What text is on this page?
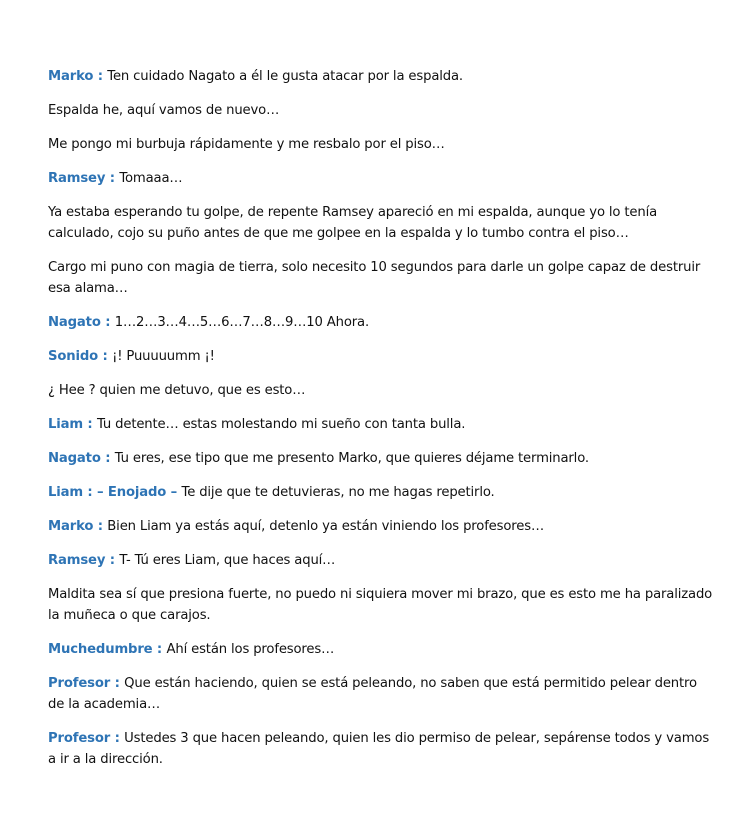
Marko : Ten cuidado Nagato a él le gusta atacar por la espalda.

Espalda he, aquí vamos de nuevo…

Me pongo mi burbuja rápidamente y me resbalo por el piso…

Ramsey : Tomaaa…

Ya estaba esperando tu golpe, de repente Ramsey apareció en mi espalda, aunque yo lo tenía calculado, cojo su puño antes de que me golpee en la espalda y lo tumbo contra el piso…

Cargo mi puno con magia de tierra, solo necesito 10 segundos para darle un golpe capaz de destruir esa alama…

Nagato : 1…2…3…4…5…6…7…8…9…10 Ahora.

Sonido : ¡! Puuuuumm ¡!

¿ Hee ? quien me detuvo, que es esto…

Liam : Tu detente… estas molestando mi sueño con tanta bulla.

Nagato : Tu eres, ese tipo que me presento Marko, que quieres déjame terminarlo.

Liam : – Enojado – Te dije que te detuvieras, no me hagas repetirlo.

Marko : Bien Liam ya estás aquí, detenlo ya están viniendo los profesores…

Ramsey : T- Tú eres Liam, que haces aquí…

Maldita sea sí que presiona fuerte, no puedo ni siquiera mover mi brazo, que es esto me ha paralizado la muñeca o que carajos.

Muchedumbre : Ahí están los profesores…

Profesor : Que están haciendo, quien se está peleando, no saben que está permitido pelear dentro de la academia…

Profesor : Ustedes 3 que hacen peleando, quien les dio permiso de pelear, sepárense todos y vamos a ir a la dirección.
